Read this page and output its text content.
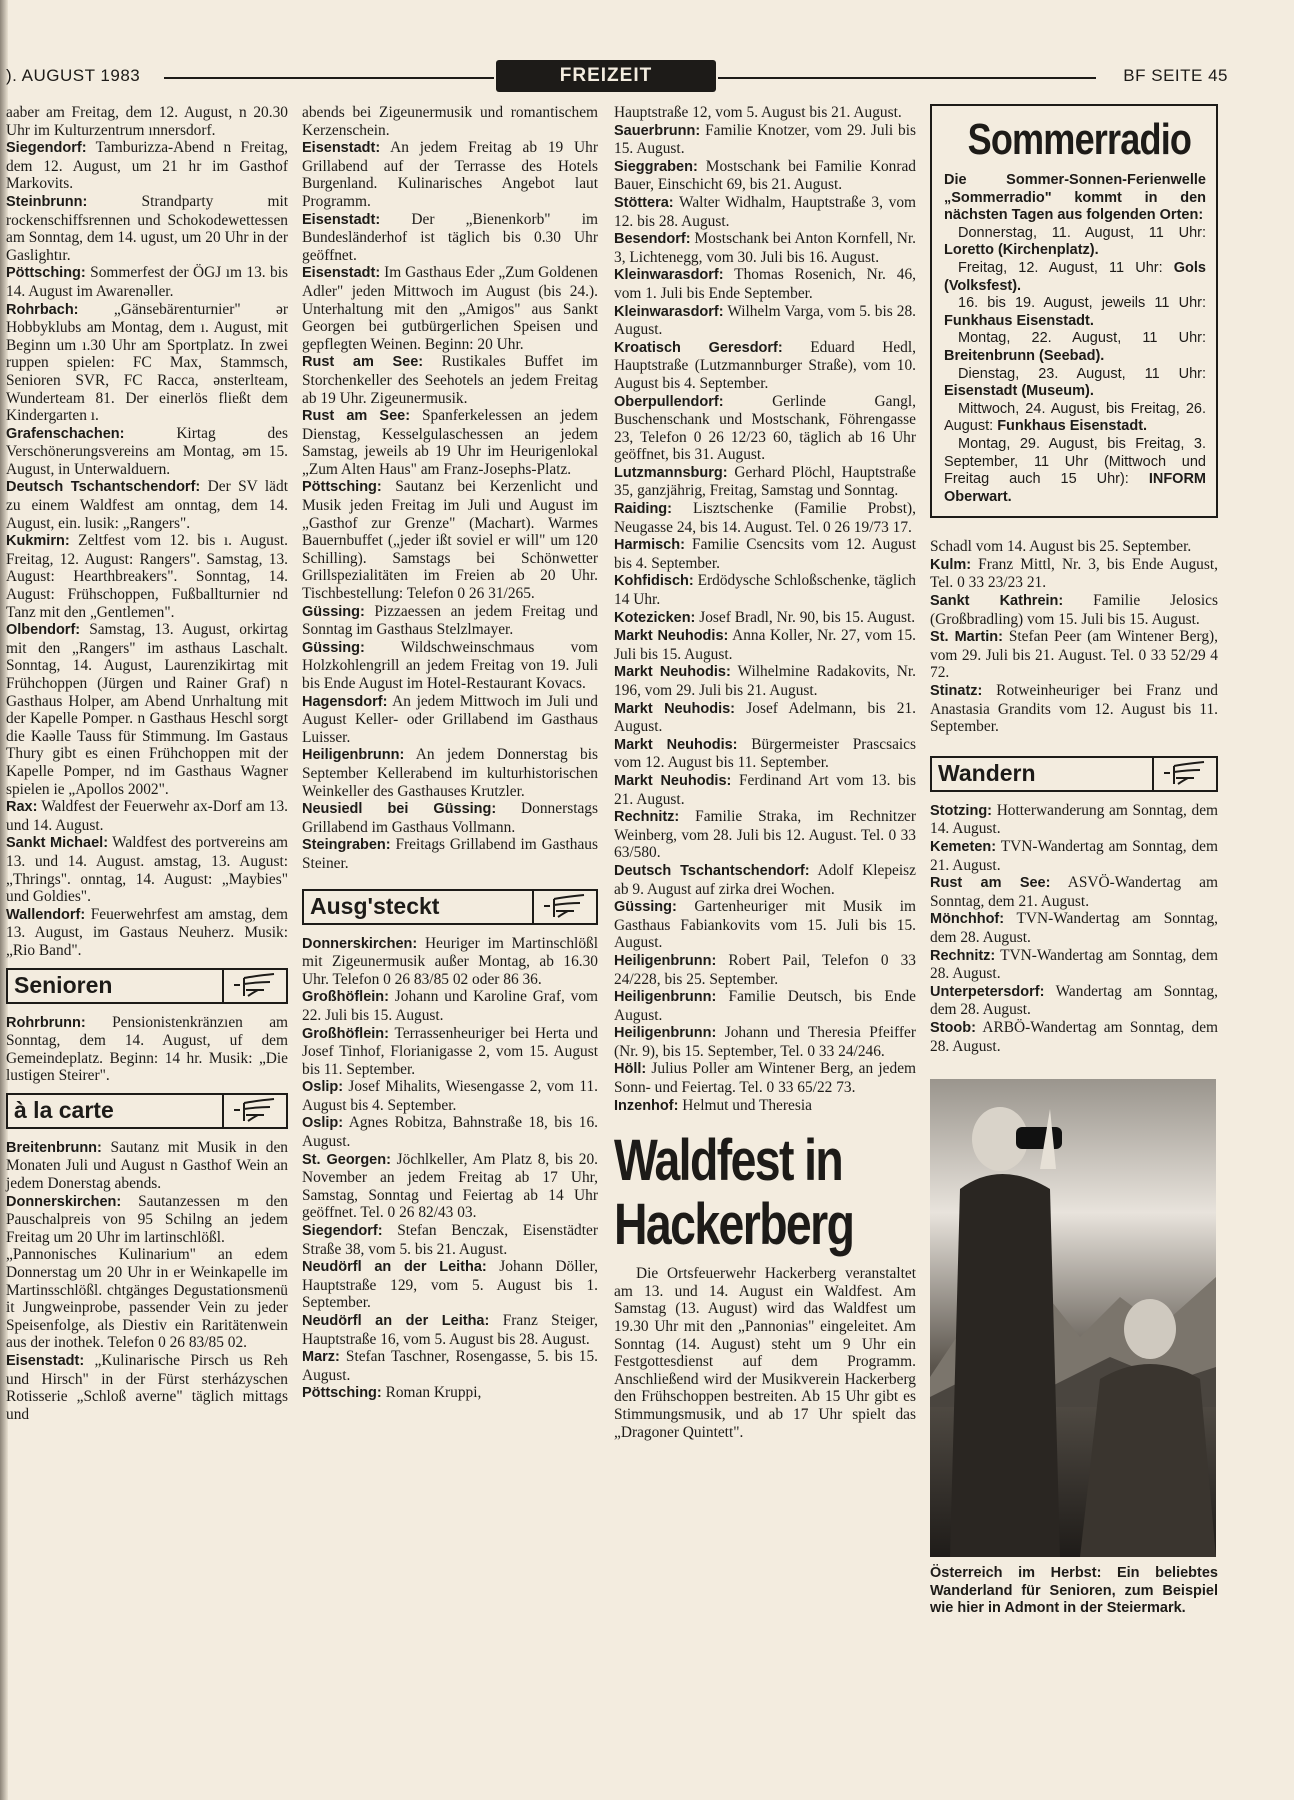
). AUGUST 1983	FREIZEIT	BF SEITE 45

aaber am Freitag, dem 12. August, n 20.30 Uhr im Kulturzentrum ınnersdorf.

Siegendorf: Tamburizza-Abend n Freitag, dem 12. August, um 21 hr im Gasthof Markovits.

Steinbrunn: Strandparty mit rockenschiffsrennen und Schokodewettessen am Sonntag, dem 14. ugust, um 20 Uhr in der Gaslightır.

Pöttsching: Sommerfest der ÖGJ ım 13. bis 14. August im Awarenəller.

Rohrbach: „Gänsebärenturnier" ər Hobbyklubs am Montag, dem ı. August, mit Beginn um ı.30 Uhr am Sportplatz. In zwei ruppen spielen: FC Max, Stammsch, Senioren SVR, FC Racca, ənsterlteam, Wunderteam 81. Der einerlös fließt dem Kindergarten ı.

Grafenschachen: Kirtag des Verschönerungsvereins am Montag, əm 15. August, in Unterwalduern.

Deutsch Tschantschendorf: Der SV lädt zu einem Waldfest am onntag, dem 14. August, ein. lusik: „Rangers".

Kukmirn: Zeltfest vom 12. bis ı. August. Freitag, 12. August: Rangers". Samstag, 13. August: Hearthbreakers". Sonntag, 14. August: Frühschoppen, Fußballturnier nd Tanz mit den „Gentlemen".

Olbendorf: Samstag, 13. August, orkirtag mit den „Rangers" im asthaus Laschalt. Sonntag, 14. August, Laurenzikirtag mit Frühchoppen (Jürgen und Rainer Graf) n Gasthaus Holper, am Abend Unrhaltung mit der Kapelle Pomper. n Gasthaus Heschl sorgt die Kaəlle Tauss für Stimmung. Im Gastaus Thury gibt es einen Frühchoppen mit der Kapelle Pomper, nd im Gasthaus Wagner spielen ie „Apollos 2002".

Rax: Waldfest der Feuerwehr ax-Dorf am 13. und 14. August.

Sankt Michael: Waldfest des portvereins am 13. und 14. August. amstag, 13. August: „Thrings". onntag, 14. August: „Maybies" und Goldies".

Wallendorf: Feuerwehrfest am amstag, dem 13. August, im Gastaus Neuherz. Musik: „Rio Band".

Senioren

Rohrbrunn: Pensionistenkränzıen am Sonntag, dem 14. August, uf dem Gemeindeplatz. Beginn: 14 hr. Musik: „Die lustigen Steirer".

à la carte

Breitenbrunn: Sautanz mit Musik in den Monaten Juli und August n Gasthof Wein an jedem Donerstag abends.

Donnerskirchen: Sautanzessen m den Pauschalpreis von 95 Schilng an jedem Freitag um 20 Uhr im lartinschlößl.

„Pannonisches Kulinarium" an edem Donnerstag um 20 Uhr in er Weinkapelle im Martinsschlößl. chtgänges Degustationsmenü it Jungweinprobe, passender Vein zu jeder Speisenfolge, als Diestiv ein Raritätenwein aus der inothek. Telefon 0 26 83/85 02.

Eisenstadt: „Kulinarische Pirsch us Reh und Hirsch" in der Fürst sterházyschen Rotisserie „Schloß averne" täglich mittags und

abends bei Zigeunermusik und romantischem Kerzenschein.

Eisenstadt: An jedem Freitag ab 19 Uhr Grillabend auf der Terrasse des Hotels Burgenland. Kulinarisches Angebot laut Programm.

Eisenstadt: Der „Bienenkorb" im Bundesländerhof ist täglich bis 0.30 Uhr geöffnet.

Eisenstadt: Im Gasthaus Eder „Zum Goldenen Adler" jeden Mittwoch im August (bis 24.). Unterhaltung mit den „Amigos" aus Sankt Georgen bei gutbürgerlichen Speisen und gepflegten Weinen. Beginn: 20 Uhr.

Rust am See: Rustikales Buffet im Storchenkeller des Seehotels an jedem Freitag ab 19 Uhr. Zigeunermusik.

Rust am See: Spanferkelessen an jedem Dienstag, Kesselgulaschessen an jedem Samstag, jeweils ab 19 Uhr im Heurigenlokal „Zum Alten Haus" am Franz-Josephs-Platz.

Pöttsching: Sautanz bei Kerzenlicht und Musik jeden Freitag im Juli und August im „Gasthof zur Grenze" (Machart). Warmes Bauernbuffet („jeder ißt soviel er will" um 120 Schilling). Samstags bei Schönwetter Grillspezialitäten im Freien ab 20 Uhr. Tischbestellung: Telefon 0 26 31/265.

Güssing: Pizzaessen an jedem Freitag und Sonntag im Gasthaus Stelzlmayer.

Güssing: Wildschweinschmaus vom Holzkohlengrill an jedem Freitag von 19. Juli bis Ende August im Hotel-Restaurant Kovacs.

Hagensdorf: An jedem Mittwoch im Juli und August Keller- oder Grillabend im Gasthaus Luisser.

Heiligenbrunn: An jedem Donnerstag bis September Kellerabend im kulturhistorischen Weinkeller des Gasthauses Krutzler.

Neusiedl bei Güssing: Donnerstags Grillabend im Gasthaus Vollmann.

Steingraben: Freitags Grillabend im Gasthaus Steiner.

Ausg'steckt

Donnerskirchen: Heuriger im Martinschlößl mit Zigeunermusik außer Montag, ab 16.30 Uhr. Telefon 0 26 83/85 02 oder 86 36.

Großhöflein: Johann und Karoline Graf, vom 22. Juli bis 15. August.

Großhöflein: Terrassenheuriger bei Herta und Josef Tinhof, Florianigasse 2, vom 15. August bis 11. September.

Oslip: Josef Mihalits, Wiesengasse 2, vom 11. August bis 4. September.

Oslip: Agnes Robitza, Bahnstraße 18, bis 16. August.

St. Georgen: Jöchlkeller, Am Platz 8, bis 20. November an jedem Freitag ab 17 Uhr, Samstag, Sonntag und Feiertag ab 14 Uhr geöffnet. Tel. 0 26 82/43 03.

Siegendorf: Stefan Benczak, Eisenstädter Straße 38, vom 5. bis 21. August.

Neudörfl an der Leitha: Johann Döller, Hauptstraße 129, vom 5. August bis 1. September.

Neudörfl an der Leitha: Franz Steiger, Hauptstraße 16, vom 5. August bis 28. August.

Marz: Stefan Taschner, Rosengasse, 5. bis 15. August.

Pöttsching: Roman Kruppi,

Hauptstraße 12, vom 5. August bis 21. August.

Sauerbrunn: Familie Knotzer, vom 29. Juli bis 15. August.

Sieggraben: Mostschank bei Familie Konrad Bauer, Einschicht 69, bis 21. August.

Stöttera: Walter Widhalm, Hauptstraße 3, vom 12. bis 28. August.

Besendorf: Mostschank bei Anton Kornfell, Nr. 3, Lichtenegg, vom 30. Juli bis 16. August.

Kleinwarasdorf: Thomas Rosenich, Nr. 46, vom 1. Juli bis Ende September.

Kleinwarasdorf: Wilhelm Varga, vom 5. bis 28. August.

Kroatisch Geresdorf: Eduard Hedl, Hauptstraße (Lutzmannburger Straße), vom 10. August bis 4. September.

Oberpullendorf: Gerlinde Gangl, Buschenschank und Mostschank, Föhrengasse 23, Telefon 0 26 12/23 60, täglich ab 16 Uhr geöffnet, bis 31. August.

Lutzmannsburg: Gerhard Plöchl, Hauptstraße 35, ganzjährig, Freitag, Samstag und Sonntag.

Raiding: Lisztschenke (Familie Probst), Neugasse 24, bis 14. August. Tel. 0 26 19/73 17.

Harmisch: Familie Csencsits vom 12. August bis 4. September.

Kohfidisch: Erdödysche Schloßschenke, täglich 14 Uhr.

Kotezicken: Josef Bradl, Nr. 90, bis 15. August.

Markt Neuhodis: Anna Koller, Nr. 27, vom 15. Juli bis 15. August.

Markt Neuhodis: Wilhelmine Radakovits, Nr. 196, vom 29. Juli bis 21. August.

Markt Neuhodis: Josef Adelmann, bis 21. August.

Markt Neuhodis: Bürgermeister Prascsaics vom 12. August bis 11. September.

Markt Neuhodis: Ferdinand Art vom 13. bis 21. August.

Rechnitz: Familie Straka, im Rechnitzer Weinberg, vom 28. Juli bis 12. August. Tel. 0 33 63/580.

Deutsch Tschantschendorf: Adolf Klepeisz ab 9. August auf zirka drei Wochen.

Güssing: Gartenheuriger mit Musik im Gasthaus Fabiankovits vom 15. Juli bis 15. August.

Heiligenbrunn: Robert Pail, Telefon 0 33 24/228, bis 25. September.

Heiligenbrunn: Familie Deutsch, bis Ende August.

Heiligenbrunn: Johann und Theresia Pfeiffer (Nr. 9), bis 15. September, Tel. 0 33 24/246.

Höll: Julius Poller am Wintener Berg, an jedem Sonn- und Feiertag. Tel. 0 33 65/22 73.

Inzenhof: Helmut und Theresia

Waldfest in
Hackerberg

Die Ortsfeuerwehr Hackerberg veranstaltet am 13. und 14. August ein Waldfest. Am Samstag (13. August) wird das Waldfest um 19.30 Uhr mit den „Pannonias" eingeleitet. Am Sonntag (14. August) steht um 9 Uhr ein Festgottesdienst auf dem Programm. Anschließend wird der Musikverein Hackerberg den Frühschoppen bestreiten. Ab 15 Uhr gibt es Stimmungsmusik, und ab 17 Uhr spielt das „Dragoner Quintett".

Sommerradio

Die Sommer-Sonnen-Ferienwelle „Sommerradio" kommt in den nächsten Tagen aus folgenden Orten:

Donnerstag, 11. August, 11 Uhr: Loretto (Kirchenplatz).

Freitag, 12. August, 11 Uhr: Gols (Volksfest).

16. bis 19. August, jeweils 11 Uhr: Funkhaus Eisenstadt.

Montag, 22. August, 11 Uhr: Breitenbrunn (Seebad).

Dienstag, 23. August, 11 Uhr: Eisenstadt (Museum).

Mittwoch, 24. August, bis Freitag, 26. August: Funkhaus Eisenstadt.

Montag, 29. August, bis Freitag, 3. September, 11 Uhr (Mittwoch und Freitag auch 15 Uhr): INFORM Oberwart.

Schadl vom 14. August bis 25. September.

Kulm: Franz Mittl, Nr. 3, bis Ende August, Tel. 0 33 23/23 21.

Sankt Kathrein: Familie Jelosics (Großbradling) vom 15. Juli bis 15. August.

St. Martin: Stefan Peer (am Wintener Berg), vom 29. Juli bis 21. August. Tel. 0 33 52/29 4 72.

Stinatz: Rotweinheuriger bei Franz und Anastasia Grandits vom 12. August bis 11. September.

Wandern

Stotzing: Hotterwanderung am Sonntag, dem 14. August.

Kemeten: TVN-Wandertag am Sonntag, dem 21. August.

Rust am See: ASVÖ-Wandertag am Sonntag, dem 21. August.

Mönchhof: TVN-Wandertag am Sonntag, dem 28. August.

Rechnitz: TVN-Wandertag am Sonntag, dem 28. August.

Unterpetersdorf: Wandertag am Sonntag, dem 28. August.

Stoob: ARBÖ-Wandertag am Sonntag, dem 28. August.

Österreich im Herbst: Ein beliebtes Wanderland für Senioren, zum Beispiel wie hier in Admont in der Steiermark.
